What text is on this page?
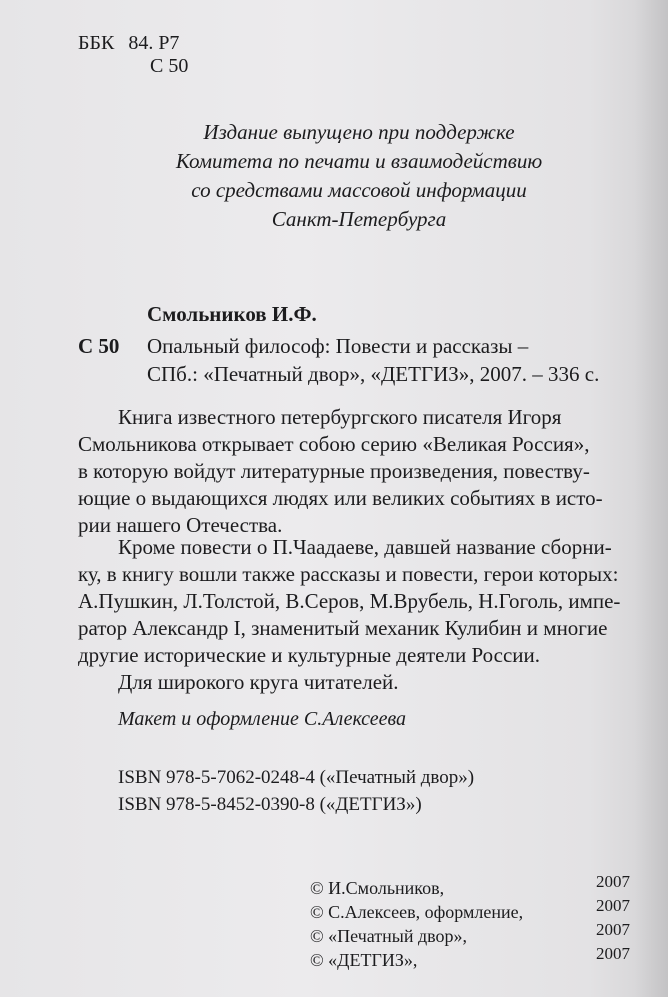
ББК 84. Р7
С 50
Издание выпущено при поддержке
Комитета по печати и взаимодействию
со средствами массовой информации
Санкт-Петербурга
Смольников И.Ф.
С 50 Опальный философ: Повести и рассказы –
СПб.: «Печатный двор», «ДЕТГИЗ», 2007. – 336 с.
Книга известного петербургского писателя Игоря
Смольникова открывает собою серию «Великая Россия»,
в которую войдут литературные произведения, повеству-
ющие о выдающихся людях или великих событиях в исто-
рии нашего Отечества.
Кроме повести о П.Чаадаеве, давшей название сборни-
ку, в книгу вошли также рассказы и повести, герои которых:
А.Пушкин, Л.Толстой, В.Серов, М.Врубель, Н.Гоголь, импе-
ратор Александр I, знаменитый механик Кулибин и многие
другие исторические и культурные деятели России.
Для широкого круга читателей.
Макет и оформление С.Алексеева
ISBN 978-5-7062-0248-4 («Печатный двор»)
ISBN 978-5-8452-0390-8 («ДЕТГИЗ»)
© И.Смольников,	2007
© С.Алексеев, оформление,	2007
© «Печатный двор»,	2007
© «ДЕТГИЗ»,	2007
